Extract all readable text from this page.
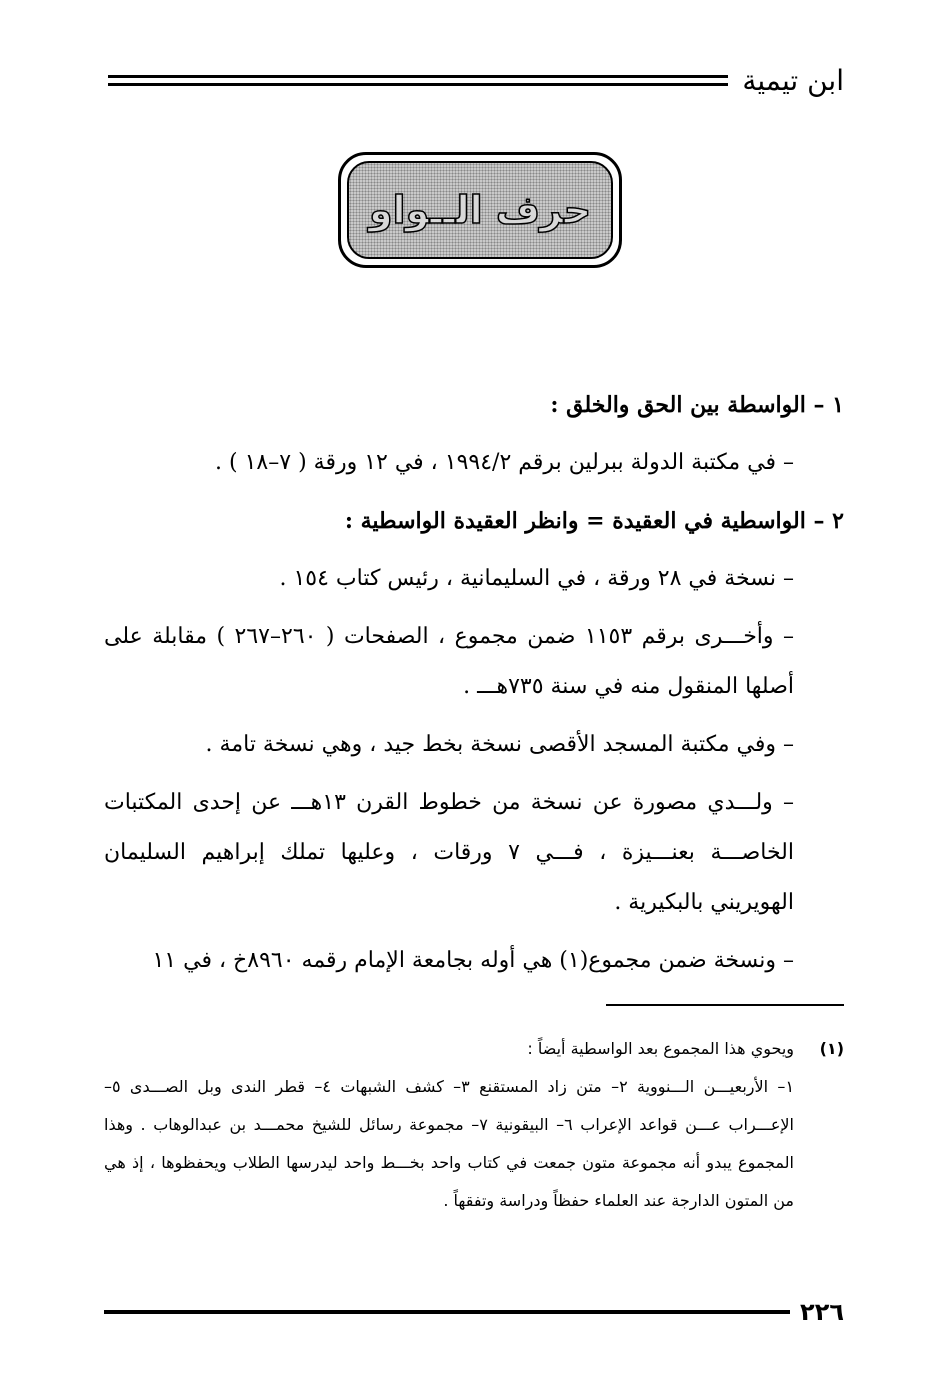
ابن تيمية
حرف الــواو

١ – الواسطة بين الحق والخلق :

– في مكتبة الدولة ببرلين برقم ١٩٩٤/٢ ، في ١٢ ورقة ( ٧–١٨ ) .

٢ – الواسطية في العقيدة = وانظر العقيدة الواسطية :

– نسخة في ٢٨ ورقة ، في السليمانية ، رئيس كتاب ١٥٤ .

– وأخـــرى برقم ١١٥٣ ضمن مجموع ، الصفحات ( ٢٦٠–٢٦٧ ) مقابلة على أصلها المنقول منه في سنة ٧٣٥هـــ .

– وفي مكتبة المسجد الأقصى نسخة بخط جيد ، وهي نسخة تامة .

– ولـــدي مصورة عن نسخة من خطوط القرن ١٣هـــ عن إحدى المكتبات الخاصـــة بعنـــيزة ، فـــي ٧ ورقات ، وعليها تملك إبراهيم السليمان الهويريني بالبكيرية .

– ونسخة ضمن مجموع(١) هي أوله بجامعة الإمام رقمه ٨٩٦٠خ ، في ١١

(١)
ويحوي هذا المجموع بعد الواسطية أيضاً :
١– الأربعيـــن الـــنووية ٢– متن زاد المستقنع ٣– كشف الشبهات ٤– قطر الندى وبل الصـــدى ٥– الإعـــراب عـــن قواعد الإعراب ٦– البيقونية ٧– مجموعة رسائل للشيخ محمـــد بن عبدالوهاب . وهذا المجموع يبدو أنه مجموعة متون جمعت في كتاب واحد بخـــط واحد ليدرسها الطلاب ويحفظوها ، إذ هي من المتون الدارجة عند العلماء حفظاً ودراسة وتفقهاً .
٢٢٦
